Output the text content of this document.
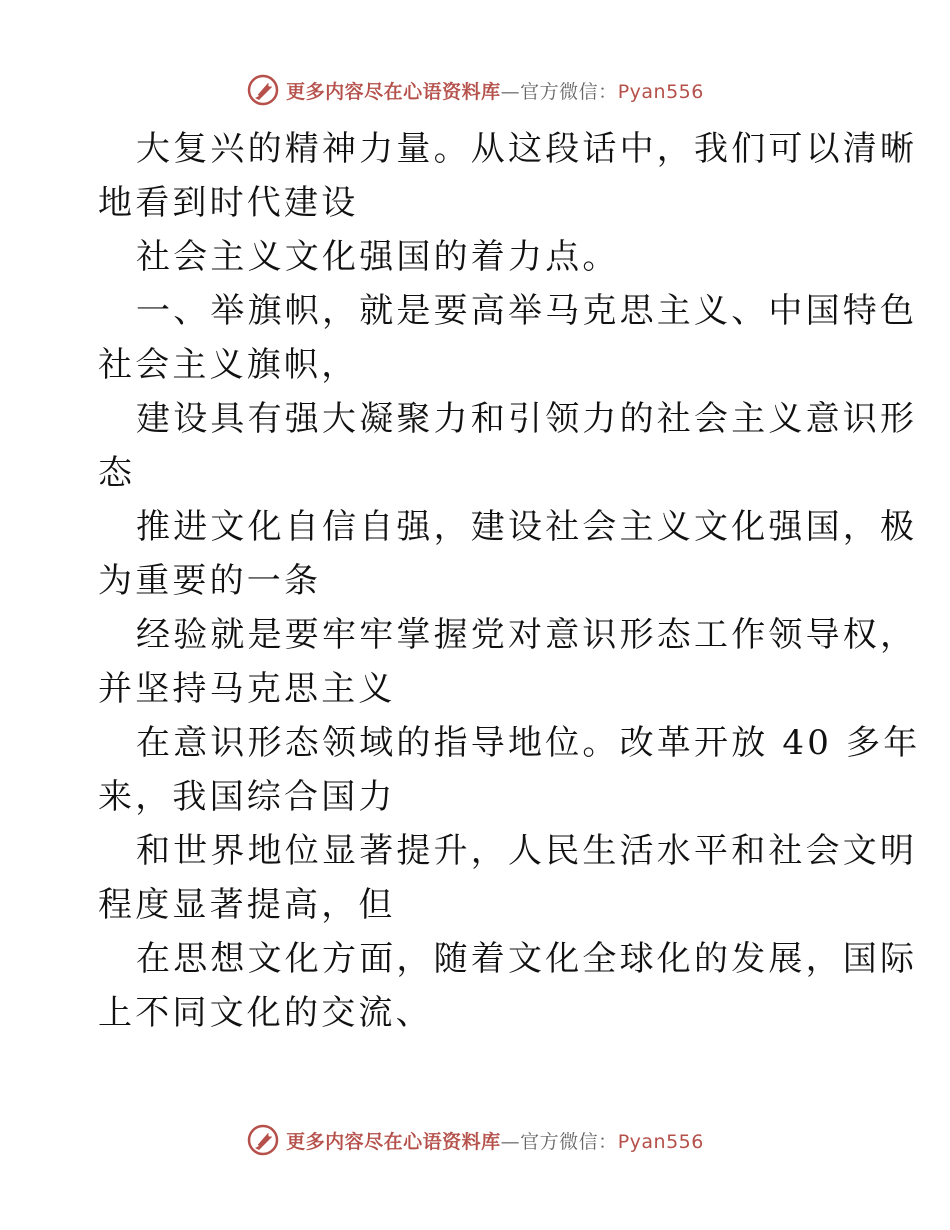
更多内容尽在心语资料库—官方微信：Pyan556

大复兴的精神力量。从这段话中，我们可以清晰
地看到时代建设

社会主义文化强国的着力点。

一、举旗帜，就是要高举马克思主义、中国特色
社会主义旗帜，

建设具有强大凝聚力和引领力的社会主义意识形
态

推进文化自信自强，建设社会主义文化强国，极
为重要的一条

经验就是要牢牢掌握党对意识形态工作领导权，
并坚持马克思主义

在意识形态领域的指导地位。改革开放 40 多年
来，我国综合国力

和世界地位显著提升，人民生活水平和社会文明
程度显著提高，但

在思想文化方面，随着文化全球化的发展，国际
上不同文化的交流、

更多内容尽在心语资料库—官方微信：Pyan556
